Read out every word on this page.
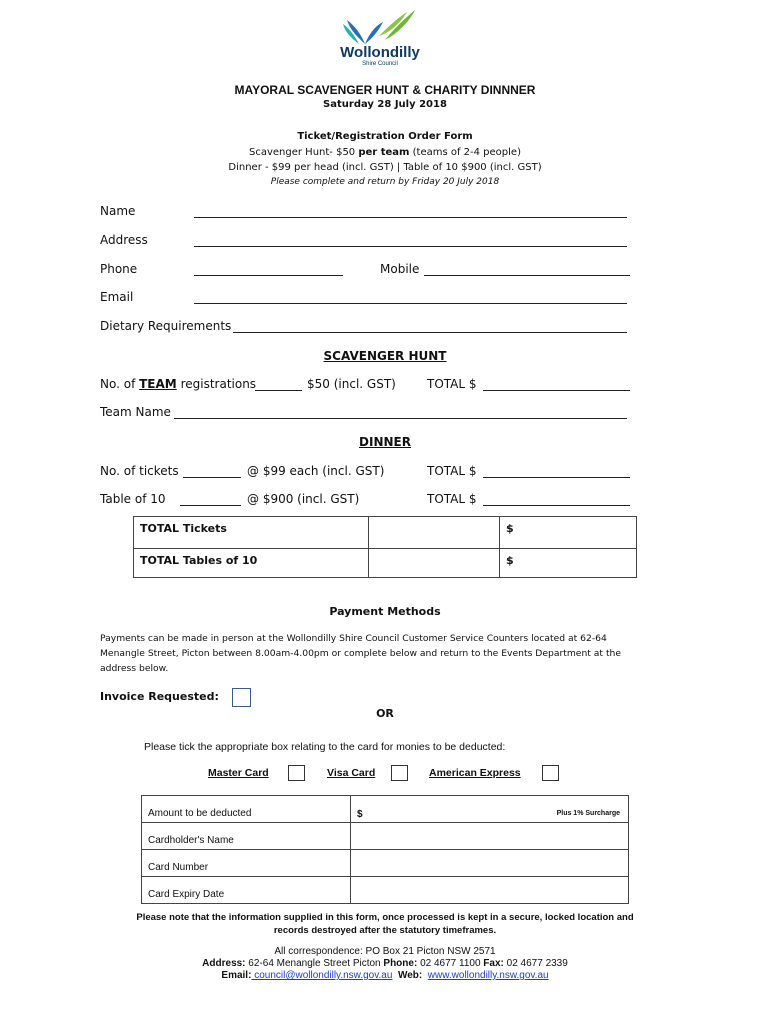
Wollondilly
Shire Council
MAYORAL SCAVENGER HUNT & CHARITY DINNNER
Saturday 28 July 2018
Ticket/Registration Order Form
Scavenger Hunt- $50 per team (teams of 2-4 people)
Dinner - $99 per head (incl. GST) | Table of 10 $900 (incl. GST)
Please complete and return by Friday 20 July 2018
Name
Address
Phone	Mobile
Email
Dietary Requirements
SCAVENGER HUNT
No. of TEAM registrations	$50 (incl. GST)	TOTAL $
Team Name
DINNER
No. of tickets	@ $99 each (incl. GST)	TOTAL $
Table of 10	@ $900 (incl. GST)	TOTAL $
TOTAL Tickets		$
TOTAL Tables of 10		$
Payment Methods
Payments can be made in person at the Wollondilly Shire Council Customer Service Counters located at 62-64
Menangle Street, Picton between 8.00am-4.00pm or complete below and return to the Events Department at the
address below.
Invoice Requested:
OR
Please tick the appropriate box relating to the card for monies to be deducted:
Master Card	Visa Card	American Express
Amount to be deducted	$ Plus 1% Surcharge

Cardholder's Name	
Card Number	
Card Expiry Date	
Please note that the information supplied in this form, once processed is kept in a secure, locked location and
records destroyed after the statutory timeframes.
All correspondence: PO Box 21 Picton NSW 2571
Address: 62-64 Menangle Street Picton Phone: 02 4677 1100 Fax: 02 4677 2339
Email: council@wollondilly.nsw.gov.au Web: www.wollondilly.nsw.gov.au
